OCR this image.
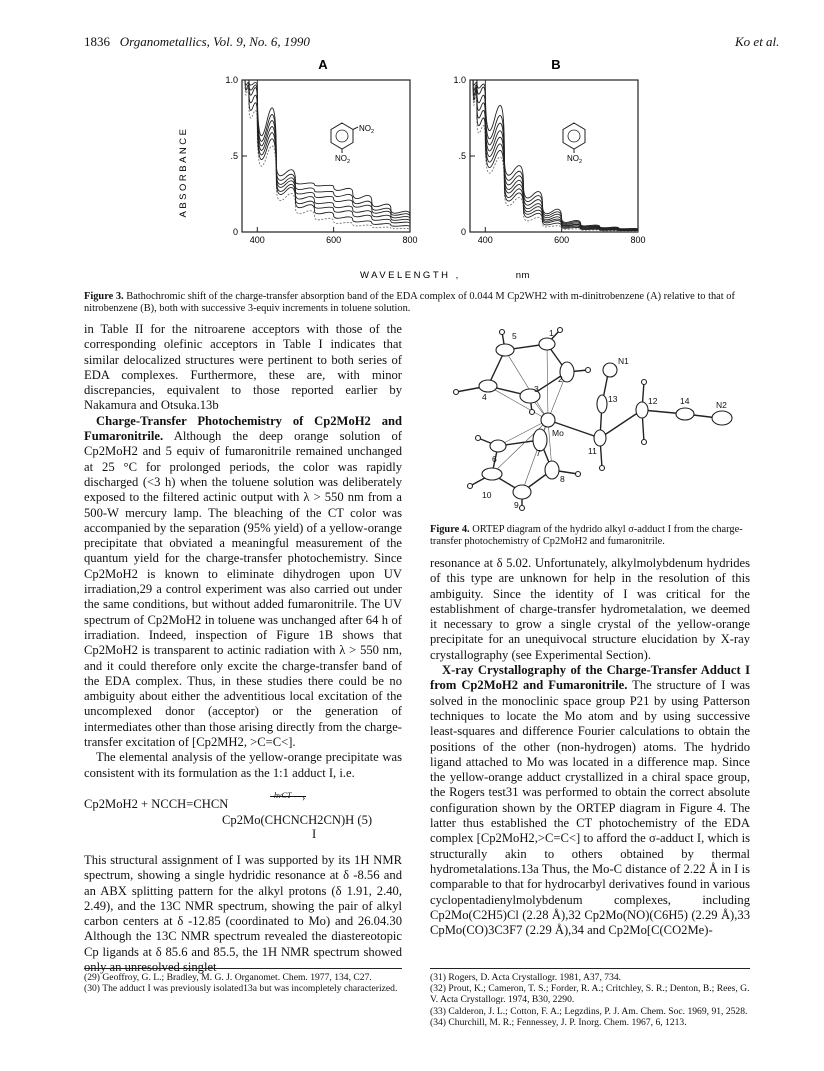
1836 Organometallics, Vol. 9, No. 6, 1990	Ko et al.
A	B
ABSORBANCE
1.0
.5
0
400	600	800
1.0
.5
0
400	600	800
$NO_2$
$NO_2$	$NO_2$
WAVELENGTH ,	nm
Figure 3. Bathochromic shift of the charge-transfer absorption band of the EDA complex of 0.044 M Cp2WH2 with m-dinitrobenzene (A) relative to that of nitrobenzene (B), both with successive 3-equiv increments in toluene solution.

in Table II for the nitroarene acceptors with those of the corresponding olefinic acceptors in Table I indicates that similar delocalized structures were pertinent to both series of EDA complexes. Furthermore, these are, with minor discrepancies, equivalent to those reported earlier by Nakamura and Otsuka.13b

Charge-Transfer Photochemistry of Cp2MoH2 and Fumaronitrile. Although the deep orange solution of Cp2MoH2 and 5 equiv of fumaronitrile remained unchanged at 25 °C for prolonged periods, the color was rapidly discharged (<3 h) when the toluene solution was deliberately exposed to the filtered actinic output with λ > 550 nm from a 500-W mercury lamp. The bleaching of the CT color was accompanied by the separation (95% yield) of a yellow-orange precipitate that obviated a meaningful measurement of the quantum yield for the charge-transfer photochemistry. Since Cp2MoH2 is known to eliminate dihydrogen upon UV irradiation,29 a control experiment was also carried out under the same conditions, but without added fumaronitrile. The UV spectrum of Cp2MoH2 in toluene was unchanged after 64 h of irradiation. Indeed, inspection of Figure 1B shows that Cp2MoH2 is transparent to actinic radiation with λ > 550 nm, and it could therefore only excite the charge-transfer band of the EDA complex. Thus, in these studies there could be no ambiguity about either the adventitious local excitation of the uncomplexed donor (acceptor) or the generation of intermediates other than those arising directly from the charge-transfer excitation of [Cp2MH2, >C=C<].

The elemental analysis of the yellow-orange precipitate was consistent with its formulation as the 1:1 adduct I, i.e.

Cp2MoH2 + NCCH=CHCN
hνCT ›
Cp2Mo(CHCNCH2CN)H (5)
I

This structural assignment of I was supported by its 1H NMR spectrum, showing a single hydridic resonance at δ -8.56 and an ABX splitting pattern for the alkyl protons (δ 1.91, 2.40, 2.49), and the 13C NMR spectrum, showing the pair of alkyl carbon centers at δ -12.85 (coordinated to Mo) and 26.04.30 Although the 13C NMR spectrum revealed the diastereotopic Cp ligands at δ 85.6 and 85.5, the 1H NMR spectrum showed only an unresolved singlet

(29) Geoffroy, G. L.; Bradley, M. G. J. Organomet. Chem. 1977, 134, C27.
(30) The adduct I was previously isolated13a but was incompletely characterized.
5	1
2
4
3
N1
13	12	14	N2
Mo
11
6
7
8
10
9
Figure 4. ORTEP diagram of the hydrido alkyl σ-adduct I from the charge-transfer photochemistry of Cp2MoH2 and fumaronitrile.

resonance at δ 5.02. Unfortunately, alkylmolybdenum hydrides of this type are unknown for help in the resolution of this ambiguity. Since the identity of I was critical for the establishment of charge-transfer hydrometalation, we deemed it necessary to grow a single crystal of the yellow-orange precipitate for an unequivocal structure elucidation by X-ray crystallography (see Experimental Section).

X-ray Crystallography of the Charge-Transfer Adduct I from Cp2MoH2 and Fumaronitrile. The structure of I was solved in the monoclinic space group P21 by using Patterson techniques to locate the Mo atom and by using successive least-squares and difference Fourier calculations to obtain the positions of the other (non-hydrogen) atoms. The hydrido ligand attached to Mo was located in a difference map. Since the yellow-orange adduct crystallized in a chiral space group, the Rogers test31 was performed to obtain the correct absolute configuration shown by the ORTEP diagram in Figure 4. The latter thus established the CT photochemistry of the EDA complex [Cp2MoH2,>C=C<] to afford the σ-adduct I, which is structurally akin to others obtained by thermal hydrometalations.13a Thus, the Mo-C distance of 2.22 Å in I is comparable to that for hydrocarbyl derivatives found in various cyclopentadienylmolybdenum complexes, including Cp2Mo(C2H5)Cl (2.28 Å),32 Cp2Mo(NO)(C6H5) (2.29 Å),33 CpMo(CO)3C3F7 (2.29 Å),34 and Cp2Mo[C(CO2Me)-

(31) Rogers, D. Acta Crystallogr. 1981, A37, 734.
(32) Prout, K.; Cameron, T. S.; Forder, R. A.; Critchley, S. R.; Denton, B.; Rees, G. V. Acta Crystallogr. 1974, B30, 2290.
(33) Calderon, J. L.; Cotton, F. A.; Legzdins, P. J. Am. Chem. Soc. 1969, 91, 2528.
(34) Churchill, M. R.; Fennessey, J. P. Inorg. Chem. 1967, 6, 1213.
